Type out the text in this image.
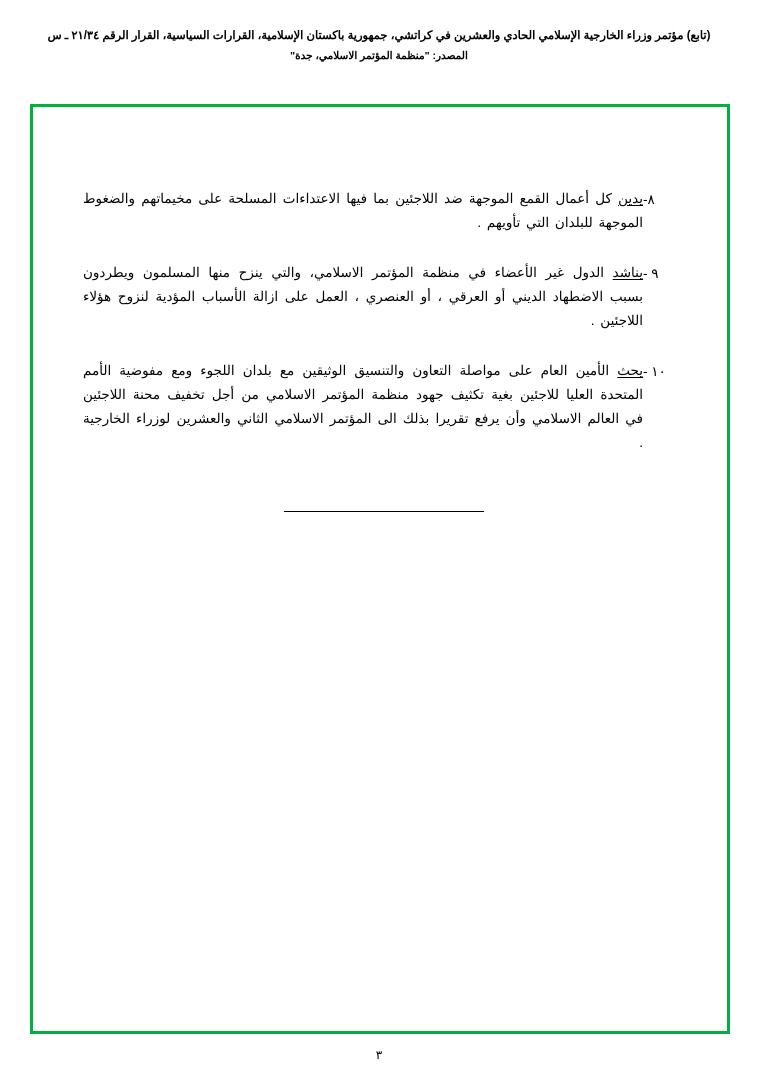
(تابع) مؤتمر وزراء الخارجية الإسلامي الحادي والعشرين في كراتشي، جمهورية باكستان الإسلامية، القرارات السياسية، القرار الرقم ٢١/٣٤ ـ س
المصدر: "منظمة المؤتمر الاسلامي، جدة"
٨-
يدين كل أعمال القمع الموجهة ضد اللاجئين بما فيها الاعتداءات المسلحة على مخيماتهم والضغوط الموجهة للبلدان التي تأويهم .
٩ -
يناشد الدول غير الأعضاء في منظمة المؤتمر الاسلامي، والتي ينزح منها المسلمون ويطردون بسبب الاضطهاد الديني أو العرقي ، أو العنصري ، العمل على ازالة الأسباب المؤدية لنزوح هؤلاء اللاجئين .
١٠ -
يحث الأمين العام على مواصلة التعاون والتنسيق الوثيقين مع بلدان اللجوء ومع مفوضية الأمم المتحدة العليا للاجئين بغية تكثيف جهود منظمة المؤتمر الاسلامي من أجل تخفيف محنة اللاجئين في العالم الاسلامي وأن يرفع تقريرا بذلك الى المؤتمر الاسلامي الثاني والعشرين لوزراء الخارجية .
٣
